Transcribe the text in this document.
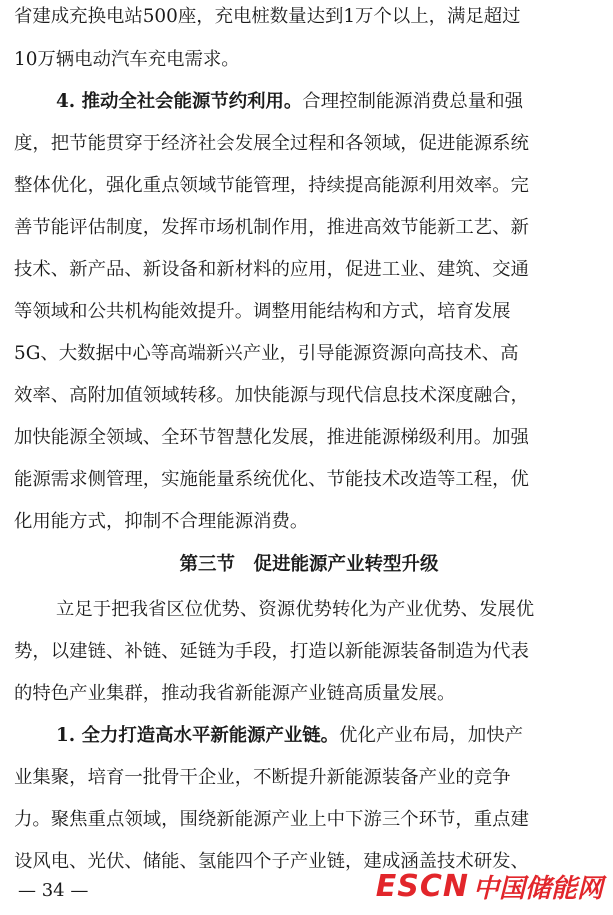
省建成充换电站500座，充电桩数量达到1万个以上，满足超过
10万辆电动汽车充电需求。
4. 推动全社会能源节约利用。合理控制能源消费总量和强
度，把节能贯穿于经济社会发展全过程和各领域，促进能源系统
整体优化，强化重点领域节能管理，持续提高能源利用效率。完
善节能评估制度，发挥市场机制作用，推进高效节能新工艺、新
技术、新产品、新设备和新材料的应用，促进工业、建筑、交通
等领域和公共机构能效提升。调整用能结构和方式，培育发展
5G、大数据中心等高端新兴产业，引导能源资源向高技术、高
效率、高附加值领域转移。加快能源与现代信息技术深度融合，
加快能源全领域、全环节智慧化发展，推进能源梯级利用。加强
能源需求侧管理，实施能量系统优化、节能技术改造等工程，优
化用能方式，抑制不合理能源消费。
第三节　促进能源产业转型升级
立足于把我省区位优势、资源优势转化为产业优势、发展优
势，以建链、补链、延链为手段，打造以新能源装备制造为代表
的特色产业集群，推动我省新能源产业链高质量发展。
1. 全力打造高水平新能源产业链。优化产业布局，加快产
业集聚，培育一批骨干企业，不断提升新能源装备产业的竞争
力。聚焦重点领域，围绕新能源产业上中下游三个环节，重点建
设风电、光伏、储能、氢能四个子产业链，建成涵盖技术研发、
— 34 —	ESCN 中国储能网
